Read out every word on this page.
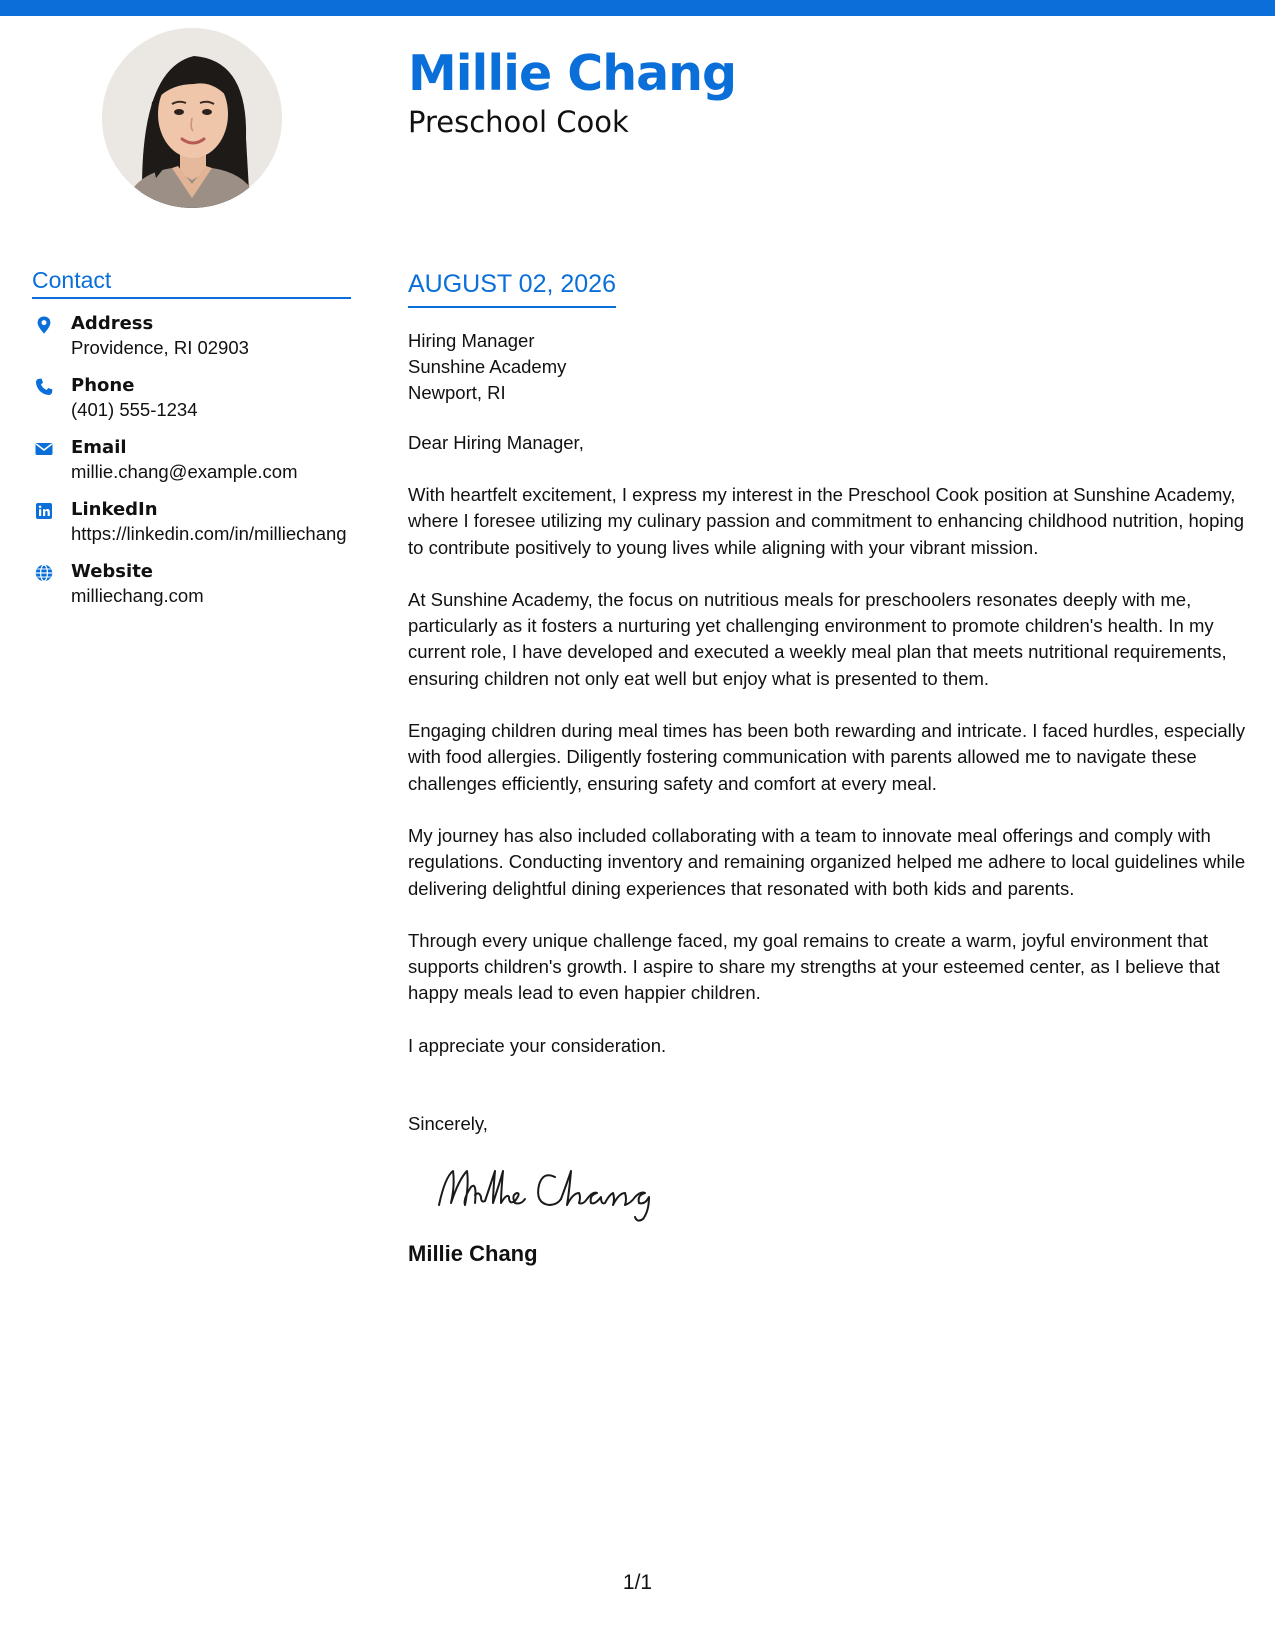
Millie Chang
Preschool Cook
Contact
Address
Providence, RI 02903
Phone
(401) 555-1234
Email
millie.chang@example.com
LinkedIn
https://linkedin.com/in/milliechang
Website
milliechang.com
AUGUST 02, 2026
Hiring Manager
Sunshine Academy
Newport, RI
Dear Hiring Manager,

With heartfelt excitement, I express my interest in the Preschool Cook position at Sunshine Academy, where I foresee utilizing my culinary passion and commitment to enhancing childhood nutrition, hoping to contribute positively to young lives while aligning with your vibrant mission.

At Sunshine Academy, the focus on nutritious meals for preschoolers resonates deeply with me, particularly as it fosters a nurturing yet challenging environment to promote children's health. In my current role, I have developed and executed a weekly meal plan that meets nutritional requirements, ensuring children not only eat well but enjoy what is presented to them.

Engaging children during meal times has been both rewarding and intricate. I faced hurdles, especially with food allergies. Diligently fostering communication with parents allowed me to navigate these challenges efficiently, ensuring safety and comfort at every meal.

My journey has also included collaborating with a team to innovate meal offerings and comply with regulations. Conducting inventory and remaining organized helped me adhere to local guidelines while delivering delightful dining experiences that resonated with both kids and parents.

Through every unique challenge faced, my goal remains to create a warm, joyful environment that supports children's growth. I aspire to share my strengths at your esteemed center, as I believe that happy meals lead to even happier children.

I appreciate your consideration.

Sincerely,
Millie Chang
1/1
